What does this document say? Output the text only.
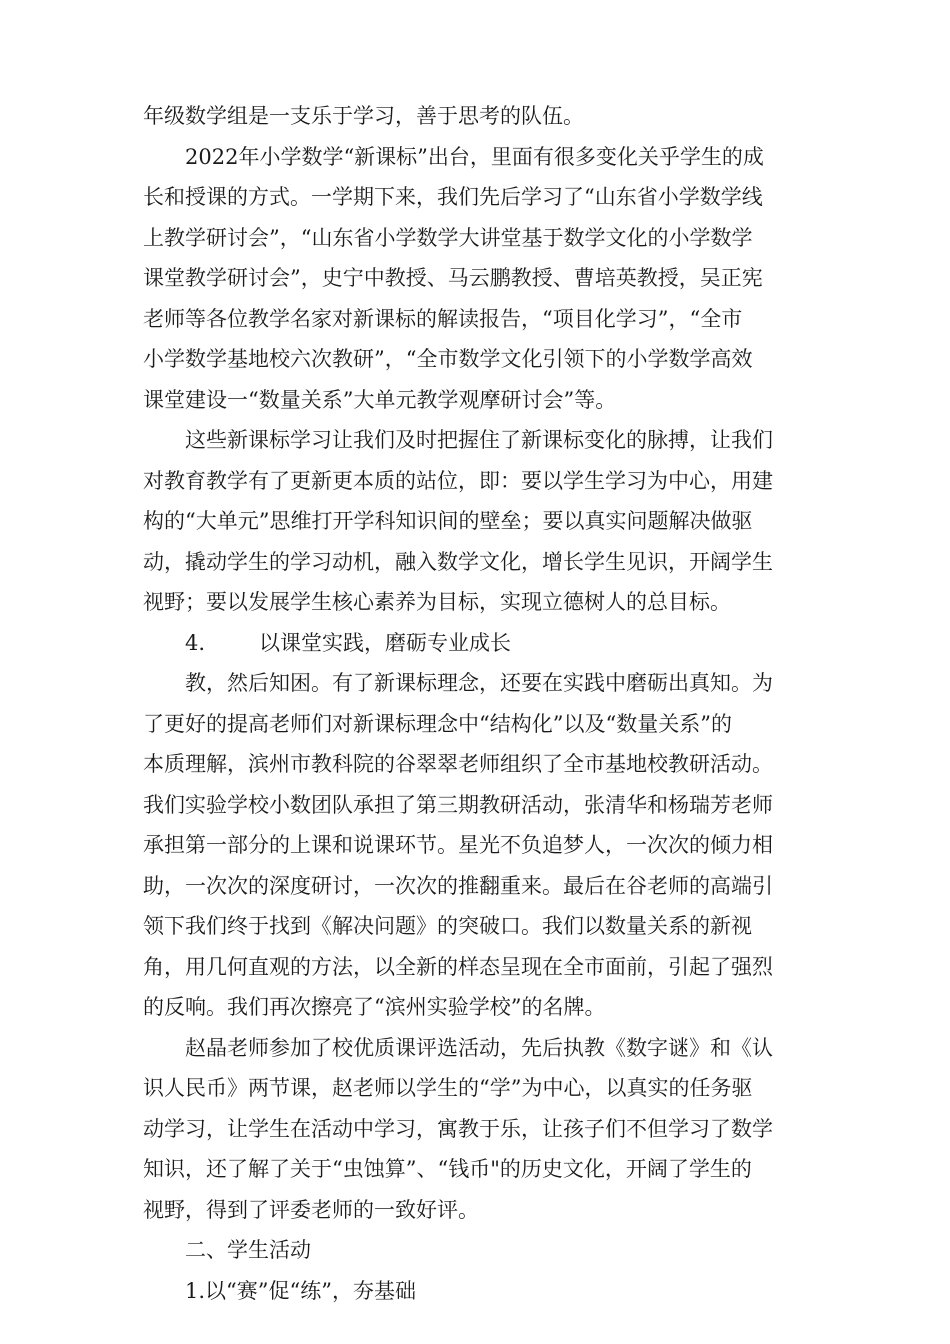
年级数学组是一支乐于学习，善于思考的队伍。
2022年小学数学“新课标”出台，里面有很多变化关乎学生的成
长和授课的方式。一学期下来，我们先后学习了“山东省小学数学线
上教学研讨会”，“山东省小学数学大讲堂基于数学文化的小学数学
课堂教学研讨会”，史宁中教授、马云鹏教授、曹培英教授，吴正宪
老师等各位教学名家对新课标的解读报告，“项目化学习”，“全市
小学数学基地校六次教研”，“全市数学文化引领下的小学数学高效
课堂建设一“数量关系”大单元教学观摩研讨会”等。
这些新课标学习让我们及时把握住了新课标变化的脉搏，让我们
对教育教学有了更新更本质的站位，即：要以学生学习为中心，用建
构的“大单元”思维打开学科知识间的壁垒；要以真实问题解决做驱
动，撬动学生的学习动机，融入数学文化，增长学生见识，开阔学生
视野；要以发展学生核心素养为目标，实现立德树人的总目标。
4.	以课堂实践，磨砺专业成长
教，然后知困。有了新课标理念，还要在实践中磨砺出真知。为
了更好的提高老师们对新课标理念中“结构化”以及“数量关系”的
本质理解，滨州市教科院的谷翠翠老师组织了全市基地校教研活动。
我们实验学校小数团队承担了第三期教研活动，张清华和杨瑞芳老师
承担第一部分的上课和说课环节。星光不负追梦人，一次次的倾力相
助，一次次的深度研讨，一次次的推翻重来。最后在谷老师的高端引
领下我们终于找到《解决问题》的突破口。我们以数量关系的新视
角，用几何直观的方法，以全新的样态呈现在全市面前，引起了强烈
的反响。我们再次擦亮了“滨州实验学校”的名牌。
赵晶老师参加了校优质课评选活动，先后执教《数字谜》和《认
识人民币》两节课，赵老师以学生的“学”为中心，以真实的任务驱
动学习，让学生在活动中学习，寓教于乐，让孩子们不但学习了数学
知识，还了解了关于“虫蚀算”、“钱币"的历史文化，开阔了学生的
视野，得到了评委老师的一致好评。
二、学生活动
1.以“赛”促“练”，夯基础
